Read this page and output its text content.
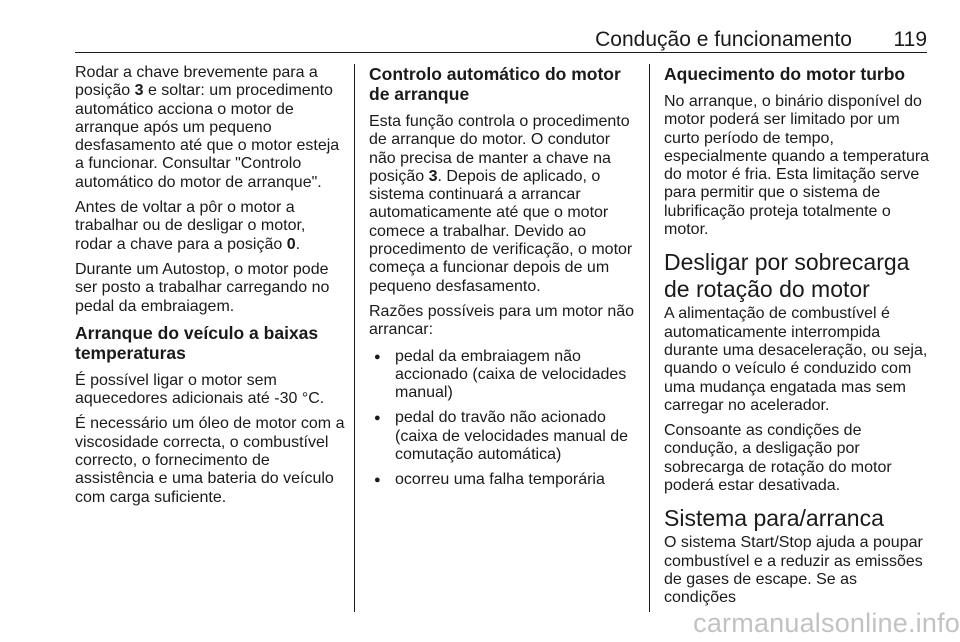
Condução e funcionamento 119

Rodar a chave brevemente para a posição 3 e soltar: um procedimento automático acciona o motor de arranque após um pequeno desfasamento até que o motor esteja a funcionar. Consultar "Controlo automático do motor de arranque".

Antes de voltar a pôr o motor a trabalhar ou de desligar o motor, rodar a chave para a posição 0.

Durante um Autostop, o motor pode ser posto a trabalhar carregando no pedal da embraiagem.

Arranque do veículo a baixas temperaturas

É possível ligar o motor sem aquecedores adicionais até -30 °C.

É necessário um óleo de motor com a viscosidade correcta, o combustível correcto, o fornecimento de assistência e uma bateria do veículo com carga suficiente.

Controlo automático do motor de arranque

Esta função controla o procedimento de arranque do motor. O condutor não precisa de manter a chave na posição 3. Depois de aplicado, o sistema continuará a arrancar automaticamente até que o motor comece a trabalhar. Devido ao procedimento de verificação, o motor começa a funcionar depois de um pequeno desfasamento.

Razões possíveis para um motor não arrancar:

● pedal da embraiagem não accionado (caixa de velocidades manual)
● pedal do travão não acionado (caixa de velocidades manual de comutação automática)
● ocorreu uma falha temporária
Aquecimento do motor turbo

No arranque, o binário disponível do motor poderá ser limitado por um curto período de tempo, especialmente quando a temperatura do motor é fria. Esta limitação serve para permitir que o sistema de lubrificação proteja totalmente o motor.

Desligar por sobrecarga de rotação do motor

A alimentação de combustível é automaticamente interrompida durante uma desaceleração, ou seja, quando o veículo é conduzido com uma mudança engatada mas sem carregar no acelerador.

Consoante as condições de condução, a desligação por sobrecarga de rotação do motor poderá estar desativada.

Sistema para/arranca

O sistema Start/Stop ajuda a poupar combustível e a reduzir as emissões de gases de escape. Se as condições

carmanualsonline.info
